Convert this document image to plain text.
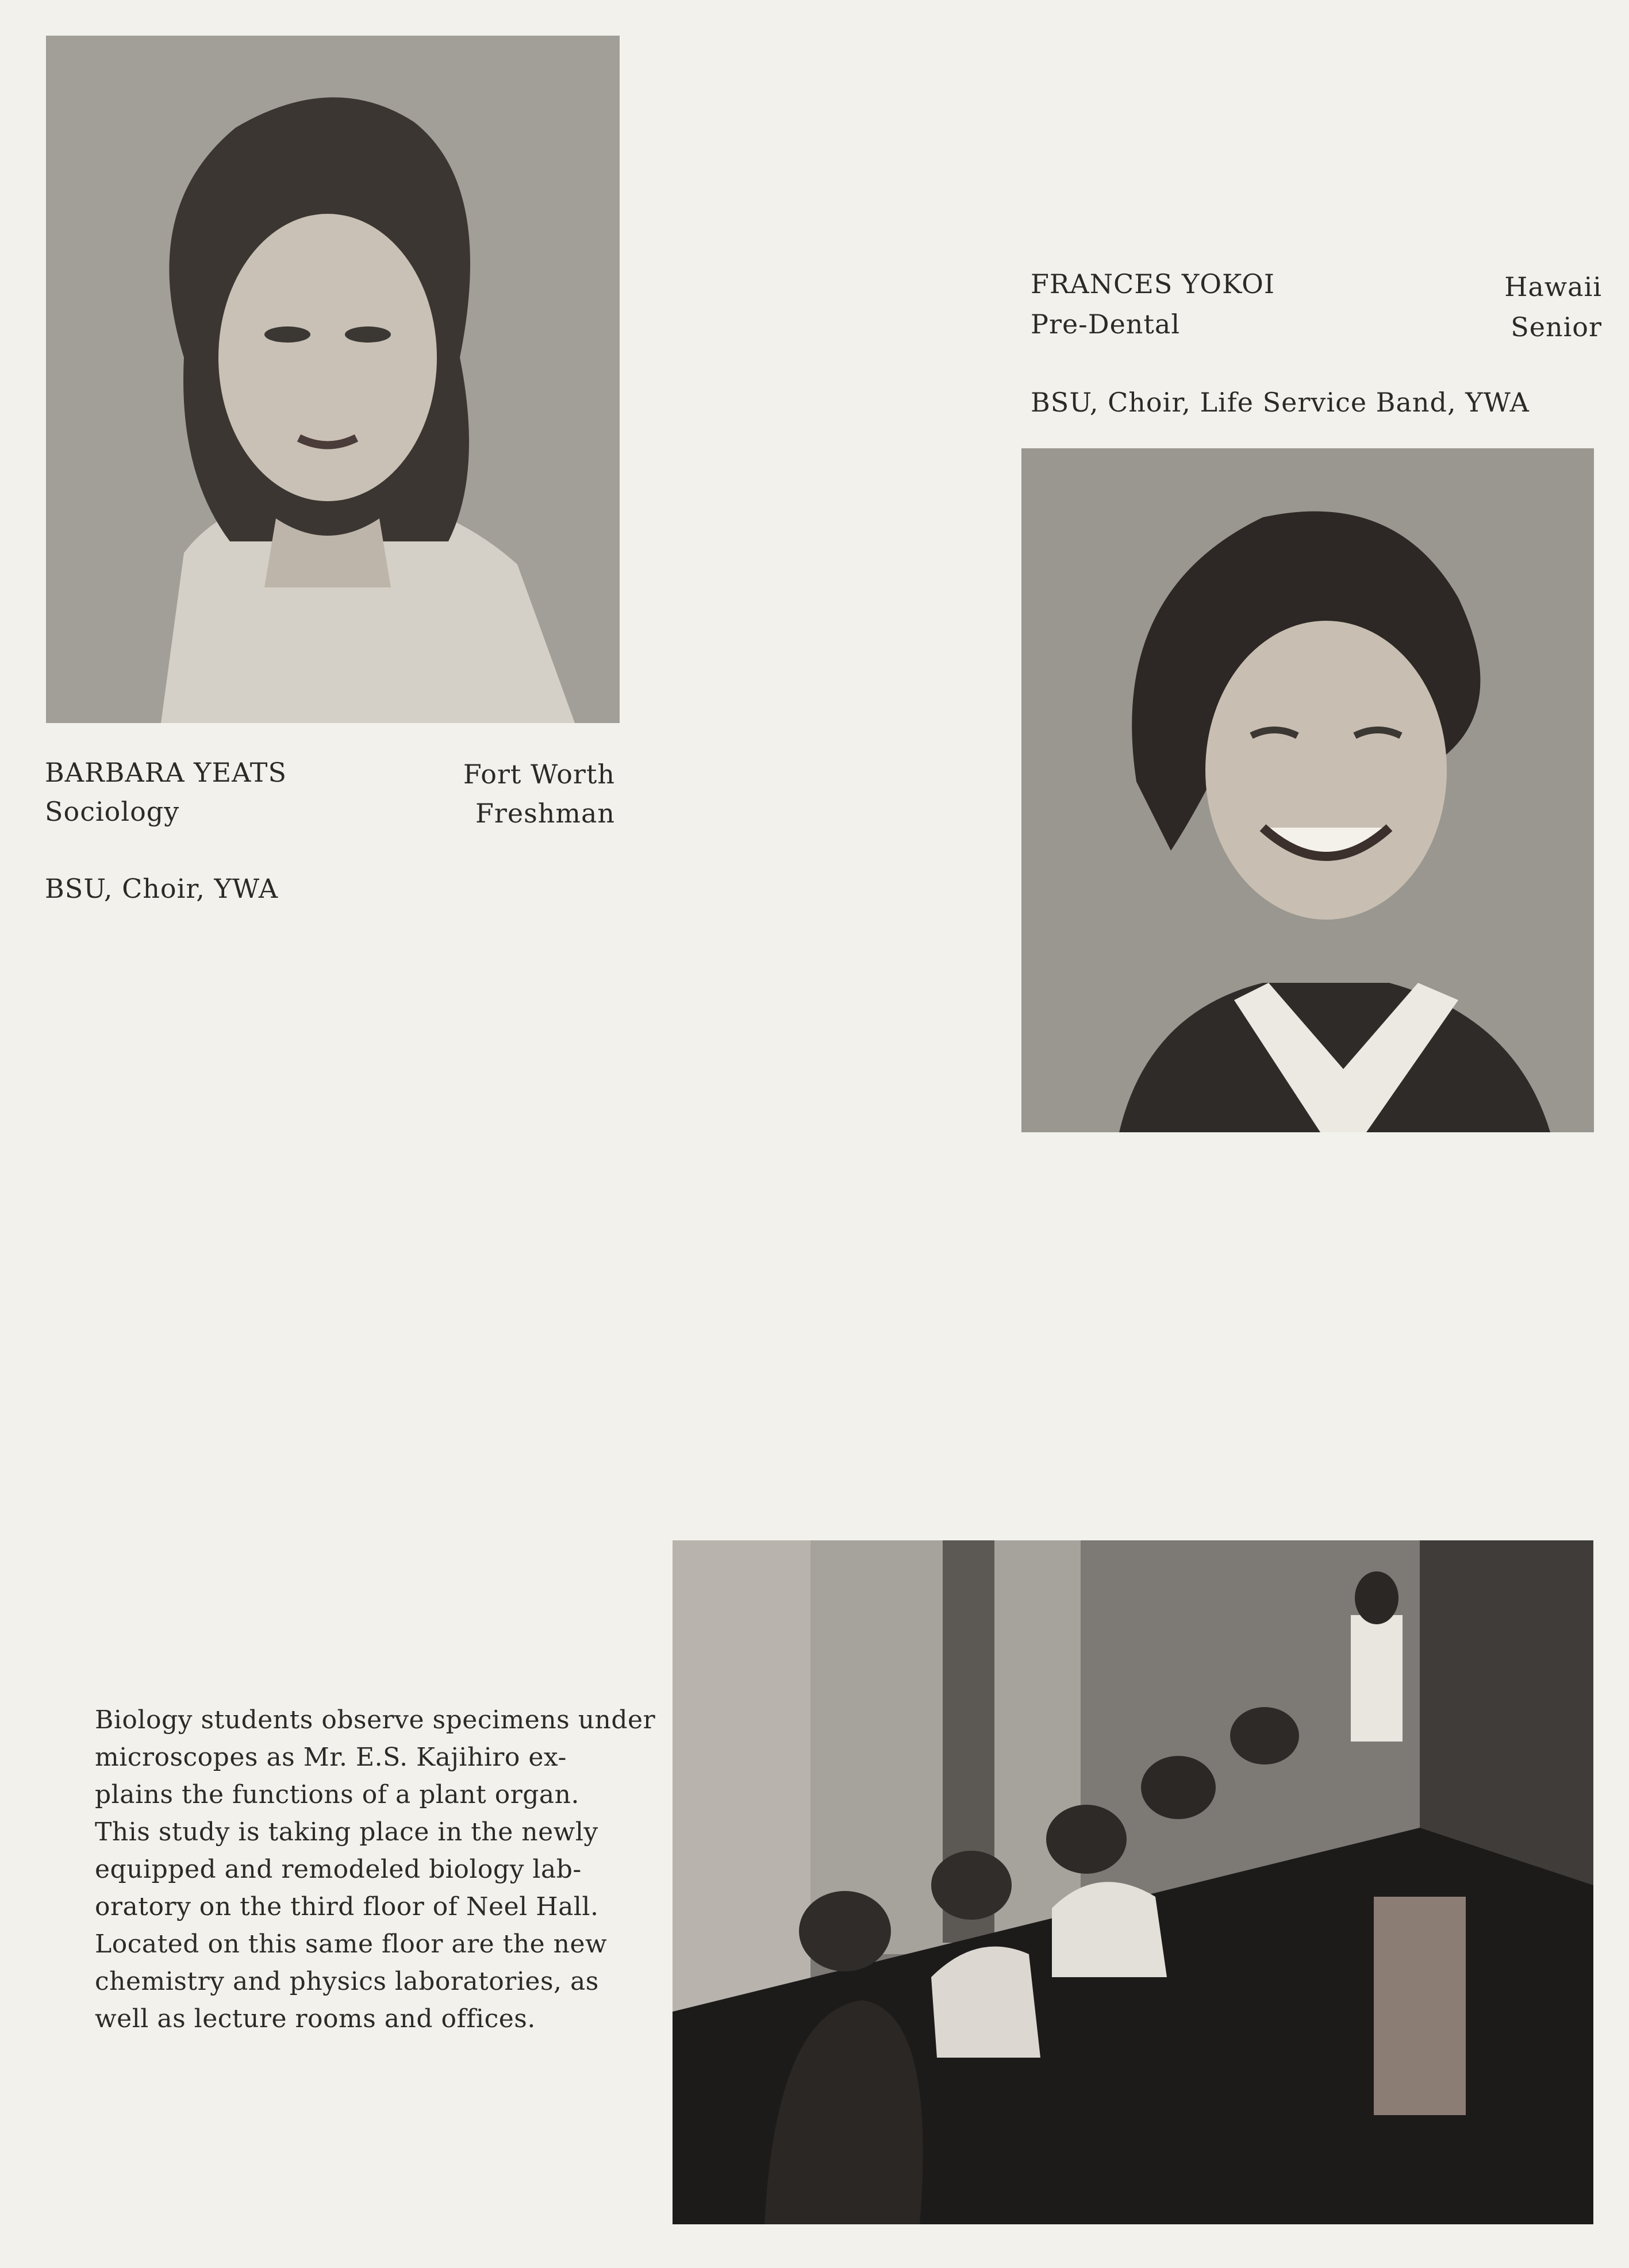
BARBARA YEATS
Sociology
Fort Worth
Freshman
BSU, Choir, YWA
FRANCES YOKOI
Pre-Dental
Hawaii
Senior
BSU, Choir, Life Service Band, YWA
Biology students observe specimens under
microscopes as Mr. E.S. Kajihiro ex-
plains the functions of a plant organ.
This study is taking place in the newly
equipped and remodeled biology lab-
oratory on the third floor of Neel Hall.
Located on this same floor are the new
chemistry and physics laboratories, as
well as lecture rooms and offices.
